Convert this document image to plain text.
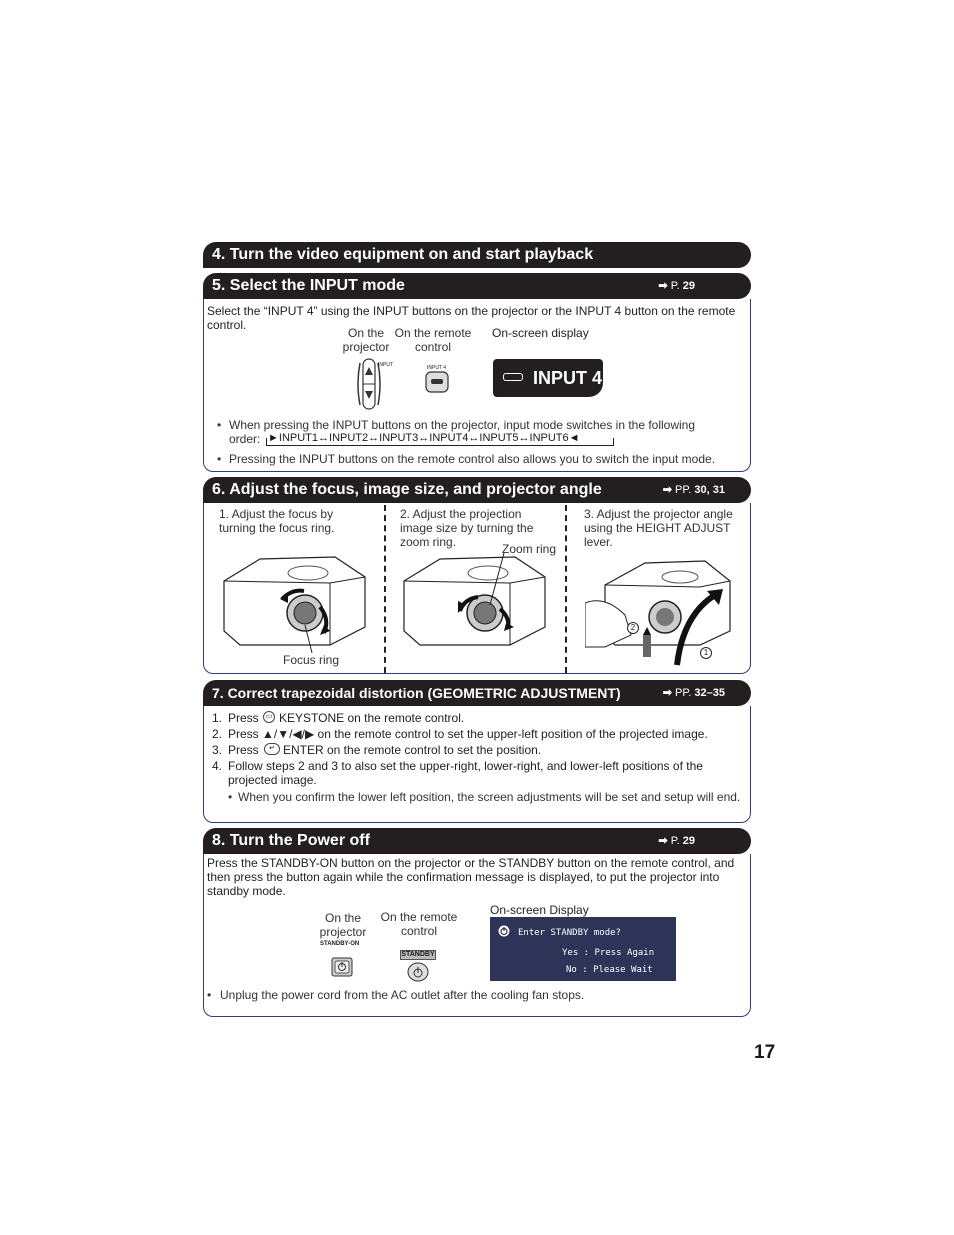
4. Turn the video equipment on and start playback
5. Select the INPUT mode	➡ P. 29
Select the “INPUT 4” using the INPUT buttons on the projector or the INPUT 4 button on the remote control.
On the projector
On the remote control
On-screen display
INPUT	INPUT 4	INPUT 4
• When pressing the INPUT buttons on the projector, input mode switches in the following
order: ►INPUT1↔INPUT2↔INPUT3↔INPUT4↔INPUT5↔INPUT6◄
• Pressing the INPUT buttons on the remote control also allows you to switch the input mode.
6. Adjust the focus, image size, and projector angle	➡ PP. 30, 31
1. Adjust the focus by turning the focus ring.
2. Adjust the projection image size by turning the zoom ring.
3. Adjust the projector angle using the HEIGHT ADJUST lever.
Focus ring
Zoom ring
2
1
7. Correct trapezoidal distortion (GEOMETRIC ADJUSTMENT)	➡ PP. 32–35
1. Press	▭ KEYSTONE on the remote control.
2. Press ▲/▼/◀/▶ on the remote control to set the upper-left position of the projected image.
3. Press	↵ ENTER on the remote control to set the position.
4. Follow steps 2 and 3 to also set the upper-right, lower-right, and lower-left positions of the projected image.
• When you confirm the lower left position, the screen adjustments will be set and setup will end.
8. Turn the Power off	➡ P. 29
Press the STANDBY-ON button on the projector or the STANDBY button on the remote control, and then press the button again while the confirmation message is displayed, to put the projector into standby mode.
On the projector
On the remote control
On-screen Display
STANDBY-ON
STANDBY
Enter STANDBY mode?
Yes : Press Again
No : Please Wait
• Unplug the power cord from the AC outlet after the cooling fan stops.
17
